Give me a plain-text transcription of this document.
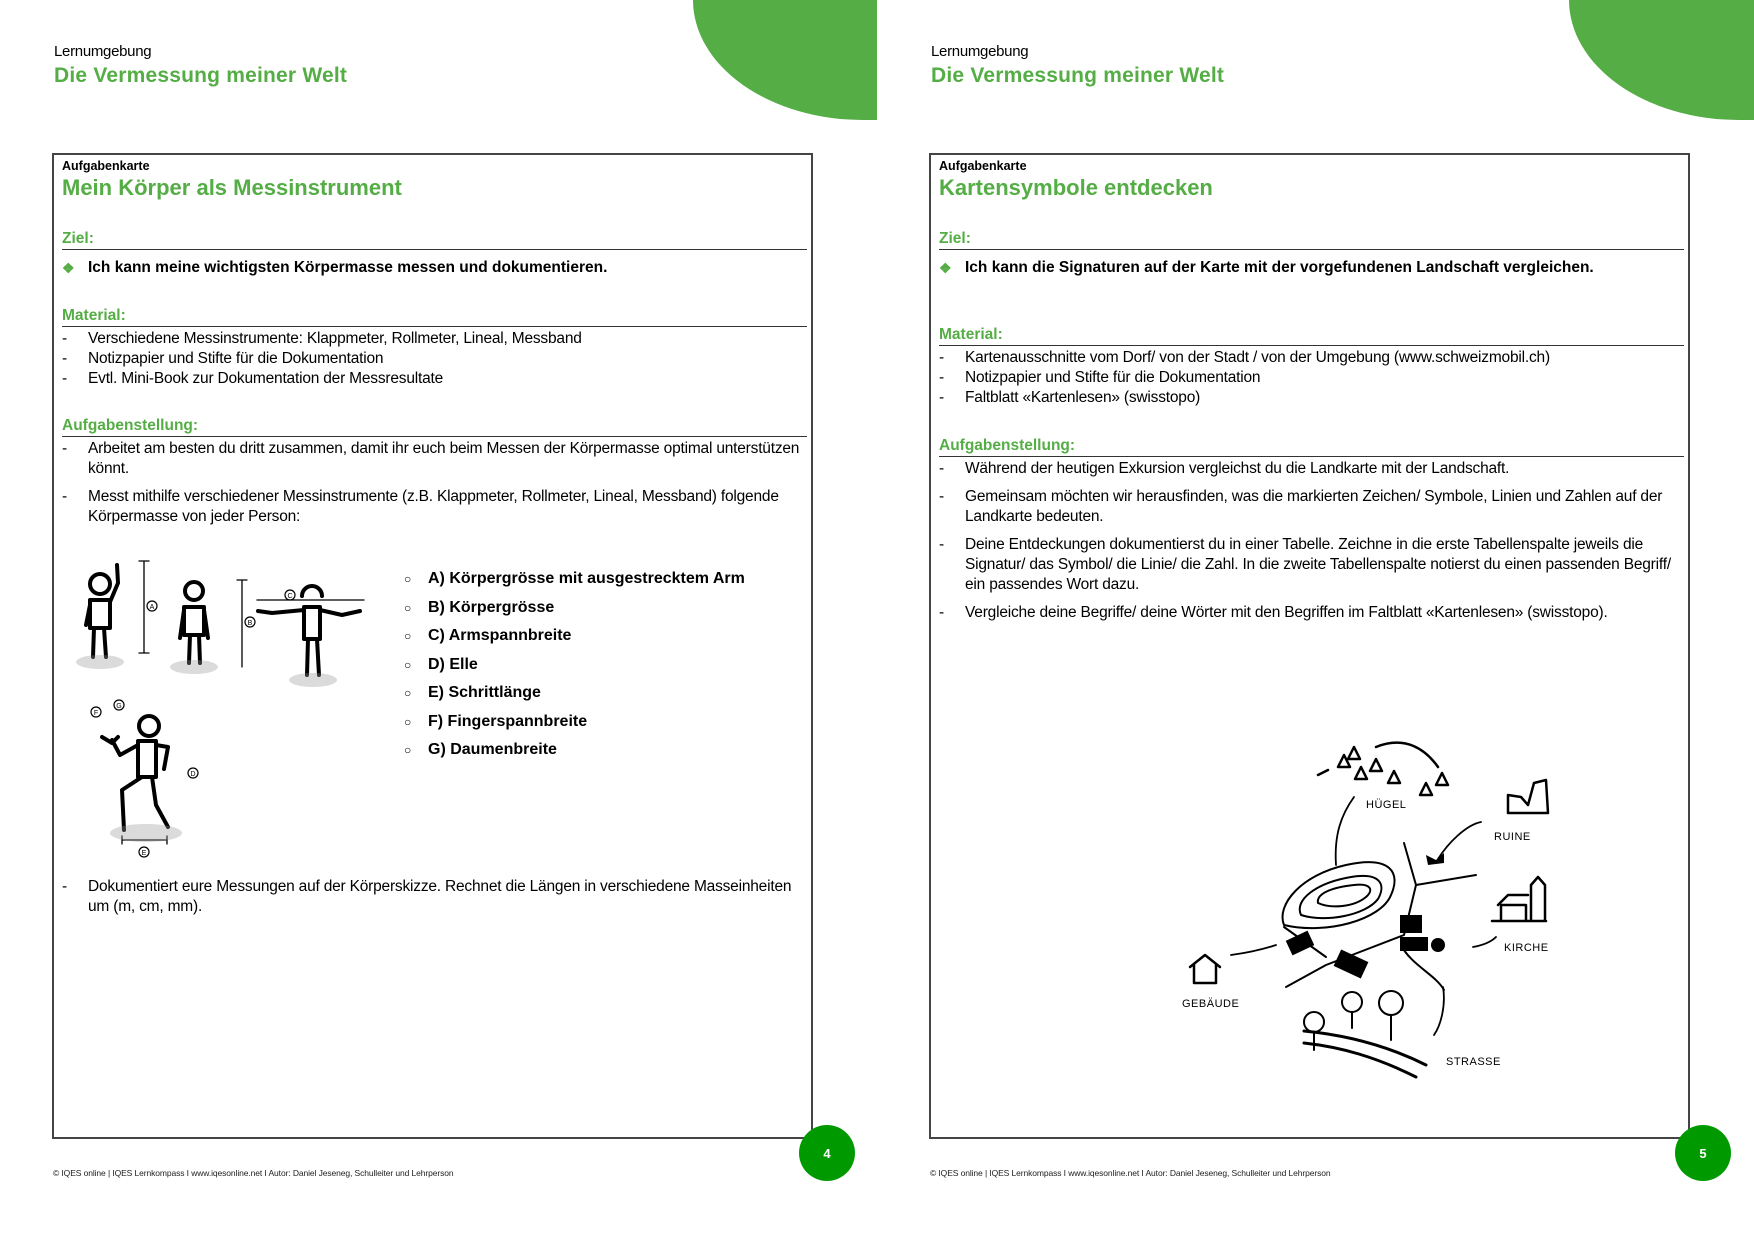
Lernumgebung
Die Vermessung meiner Welt
Aufgabenkarte
Mein Körper als Messinstrument
Ziel:
❖ Ich kann meine wichtigsten Körpermasse messen und dokumentieren.
Material:
-	Verschiedene Messinstrumente: Klappmeter, Rollmeter, Lineal, Messband
-	Notizpapier und Stifte für die Dokumentation
-	Evtl. Mini-Book zur Dokumentation der Messresultate
Aufgabenstellung:
-	Arbeitet am besten du dritt zusammen, damit ihr euch beim Messen der Körpermasse optimal unterstützen könnt.
-	Messt mithilfe verschiedener Messinstrumente (z.B. Klappmeter, Rollmeter, Lineal, Messband) folgende Körpermasse von jeder Person:
A
B
C
D
E
F
G
○	A) Körpergrösse mit ausgestrecktem Arm
○	B) Körpergrösse
○	C) Armspannbreite
○	D) Elle
○	E) Schrittlänge
○	F) Fingerspannbreite
○	G) Daumenbreite
-	Dokumentiert eure Messungen auf der Körperskizze. Rechnet die Längen in verschiedene Masseinheiten um (m, cm, mm).
4
© IQES online | IQES Lernkompass I www.iqesonline.net I Autor: Daniel Jeseneg, Schulleiter und Lehrperson
Lernumgebung
Die Vermessung meiner Welt
Aufgabenkarte
Kartensymbole entdecken
Ziel:
❖ Ich kann die Signaturen auf der Karte mit der vorgefundenen Landschaft vergleichen.
Material:
-	Kartenausschnitte vom Dorf/ von der Stadt / von der Umgebung (www.schweizmobil.ch)
-	Notizpapier und Stifte für die Dokumentation
-	Faltblatt «Kartenlesen» (swisstopo)
Aufgabenstellung:
-	Während der heutigen Exkursion vergleichst du die Landkarte mit der Landschaft.
-	Gemeinsam möchten wir herausfinden, was die markierten Zeichen/ Symbole, Linien und Zahlen auf der Landkarte bedeuten.
-	Deine Entdeckungen dokumentierst du in einer Tabelle. Zeichne in die erste Tabellenspalte jeweils die Signatur/ das Symbol/ die Linie/ die Zahl. In die zweite Tabellenspalte notierst du einen passenden Begriff/ ein passendes Wort dazu.
-	Vergleiche deine Begriffe/ deine Wörter mit den Begriffen im Faltblatt «Kartenlesen» (swisstopo).
HÜGEL
RUINE
KIRCHE
GEBÄUDE
STRASSE
5
© IQES online | IQES Lernkompass I www.iqesonline.net I Autor: Daniel Jeseneg, Schulleiter und Lehrperson
